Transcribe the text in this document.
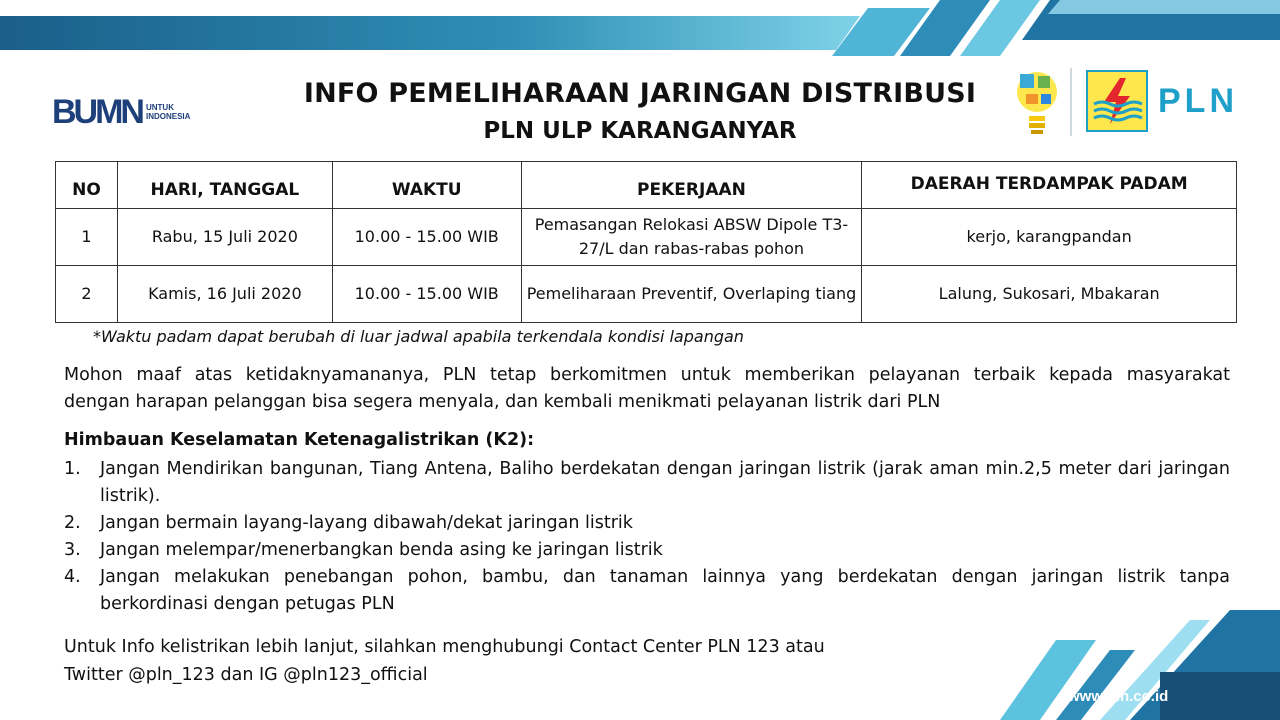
BUMN UNTUK INDONESIA	PLN
INFO PEMELIHARAAN JARINGAN DISTRIBUSI
PLN ULP KARANGANYAR
NO	HARI, TANGGAL	WAKTU	PEKERJAAN	DAERAH TERDAMPAK PADAM
1	Rabu, 15 Juli 2020	10.00 - 15.00 WIB	Pemasangan Relokasi ABSW Dipole T3-27/L dan rabas-rabas pohon	kerjo, karangpandan
2	Kamis, 16 Juli 2020	10.00 - 15.00 WIB	Pemeliharaan Preventif, Overlaping tiang	Lalung, Sukosari, Mbakaran
*Waktu padam dapat berubah di luar jadwal apabila terkendala kondisi lapangan
Mohon maaf atas ketidaknyamananya, PLN tetap berkomitmen untuk memberikan pelayanan terbaik kepada masyarakat
dengan harapan pelanggan bisa segera menyala, dan kembali menikmati pelayanan listrik dari PLN
Himbauan Keselamatan Ketenagalistrikan (K2):
1.	Jangan Mendirikan bangunan, Tiang Antena, Baliho berdekatan dengan jaringan listrik (jarak aman min.2,5 meter dari jaringan listrik).
2.	Jangan bermain layang-layang dibawah/dekat jaringan listrik
3.	Jangan melempar/menerbangkan benda asing ke jaringan listrik
4.	Jangan melakukan penebangan pohon, bambu, dan tanaman lainnya yang berdekatan dengan jaringan listrik tanpa berkordinasi dengan petugas PLN
Untuk Info kelistrikan lebih lanjut, silahkan menghubungi Contact Center PLN 123 atau
Twitter @pln_123 dan IG @pln123_official
www.pln.co.id
